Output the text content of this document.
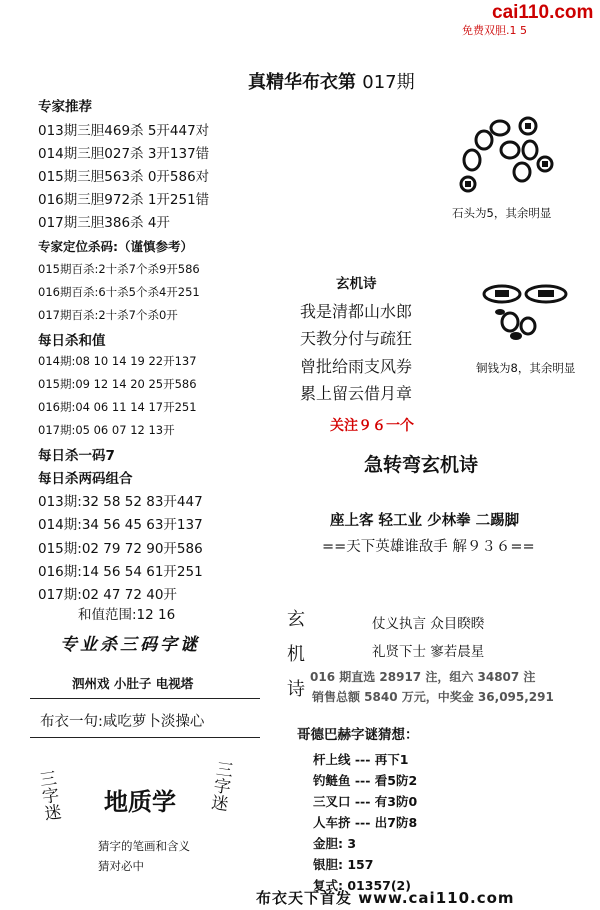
cai110.com
免费双胆.1 5
真精华布衣第 017期
专家推荐
013期三胆469杀 5开447对
014期三胆027杀 3开137错
015期三胆563杀 0开586对
016期三胆972杀 1开251错
017期三胆386杀 4开
专家定位杀码:（谨慎参考）
015期百杀:2十杀7个杀9开586
016期百杀:6十杀5个杀4开251
017期百杀:2十杀7个杀0开
每日杀和值
014期:08 10 14 19 22开137
015期:09 12 14 20 25开586
016期:04 06 11 14 17开251
017期:05 06 07 12 13开
每日杀一码7
每日杀两码组合
013期:32 58 52 83开447
014期:34 56 45 63开137
015期:02 79 72 90开586
016期:14 56 54 61开251
017期:02 47 72 40开
和值范围:12 16
专业杀三码字谜
泗州戏 小肚子 电视塔
布衣一句:咸吃萝卜淡操心
三字迷 地质学 三字迷
猜字的笔画和含义
猜对必中
石头为5，其余明显
铜钱为8，其余明显
玄机诗
我是清都山水郎
天教分付与疏狂
曾批给雨支风券
累上留云借月章
关注９６一个
急转弯玄机诗
座上客 轻工业 少林拳 二踢脚
==天下英雄谁敌手 解９３６==
玄
机
诗
仗义执言 众目睽睽
礼贤下士 寥若晨星
016 期直选 28917 注，组六 34807 注
销售总额 5840 万元，中奖金 36,095,291
哥德巴赫字谜猜想：
杆上线 --- 再下1
钓鲢鱼 --- 看5防2
三叉口 --- 有3防0
人车挤 --- 出7防8
金胆: 3
银胆: 157
复式: 01357(2)
布衣天下首发 www.cai110.com
